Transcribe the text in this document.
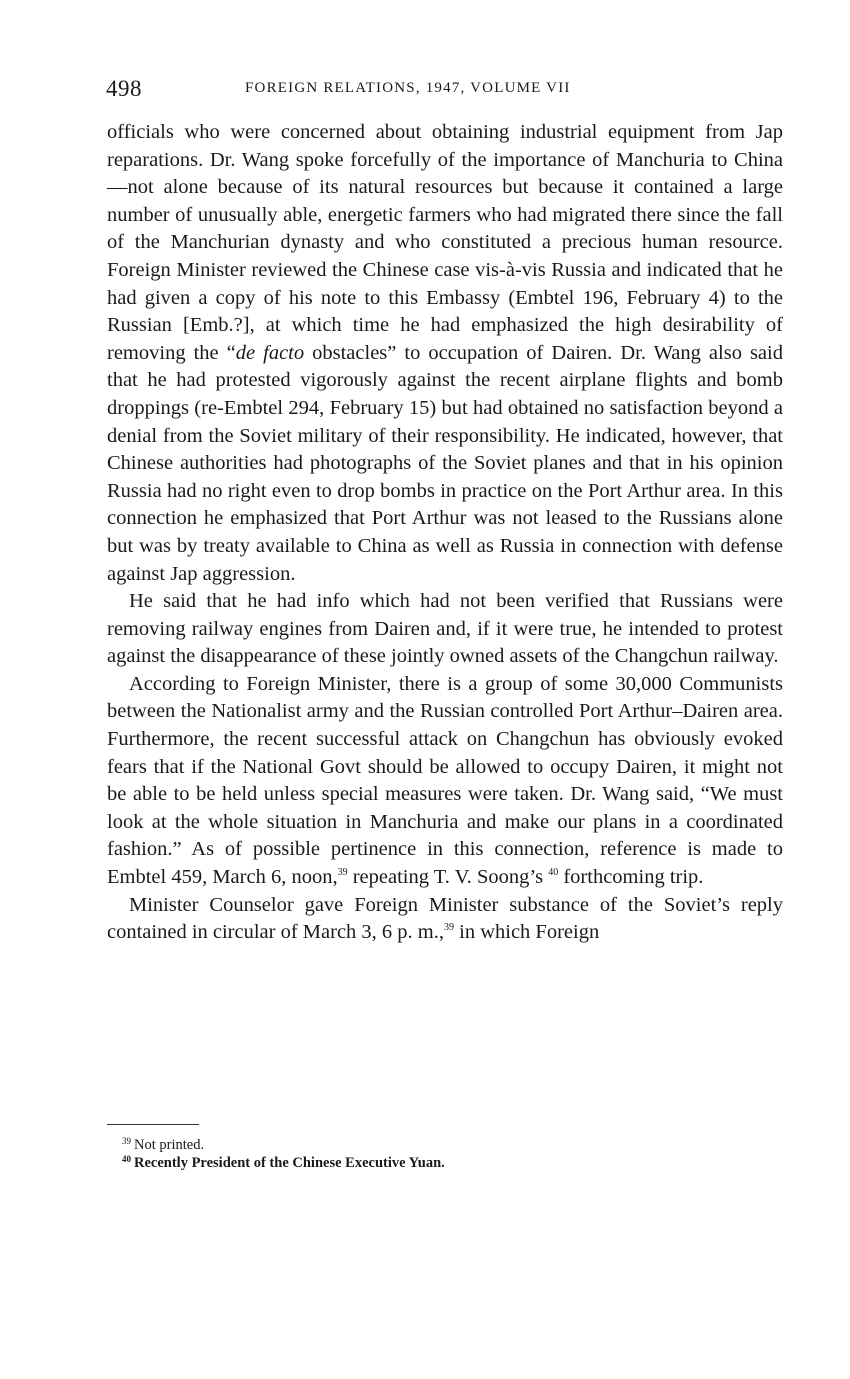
498	FOREIGN RELATIONS, 1947, VOLUME VII

officials who were concerned about obtaining industrial equipment from Jap reparations. Dr. Wang spoke forcefully of the importance of Manchuria to China—not alone because of its natural resources but because it contained a large number of unusually able, energetic farmers who had migrated there since the fall of the Manchurian dynasty and who constituted a precious human resource. Foreign Minister reviewed the Chinese case vis-à-vis Russia and indicated that he had given a copy of his note to this Embassy (Embtel 196, February 4) to the Russian [Emb.?], at which time he had emphasized the high desirability of removing the “de facto obstacles” to occupation of Dairen. Dr. Wang also said that he had protested vigorously against the recent airplane flights and bomb droppings (re-Embtel 294, February 15) but had obtained no satisfaction beyond a denial from the Soviet military of their responsibility. He indicated, however, that Chinese authorities had photographs of the Soviet planes and that in his opinion Russia had no right even to drop bombs in practice on the Port Arthur area. In this connection he emphasized that Port Arthur was not leased to the Russians alone but was by treaty available to China as well as Russia in connection with defense against Jap aggression.

He said that he had info which had not been verified that Russians were removing railway engines from Dairen and, if it were true, he intended to protest against the disappearance of these jointly owned assets of the Changchun railway.

According to Foreign Minister, there is a group of some 30,000 Communists between the Nationalist army and the Russian controlled Port Arthur–Dairen area. Furthermore, the recent successful attack on Changchun has obviously evoked fears that if the National Govt should be allowed to occupy Dairen, it might not be able to be held unless special measures were taken. Dr. Wang said, “We must look at the whole situation in Manchuria and make our plans in a coordinated fashion.” As of possible pertinence in this connection, reference is made to Embtel 459, March 6, noon,$^{39}$ repeating T. V. Soong’s $^{40}$ forthcoming trip.

Minister Counselor gave Foreign Minister substance of the Soviet’s reply contained in circular of March 3, 6 p. m.,$^{39}$ in which Foreign

$^{39}$ Not printed.
$^{40}$ Recently President of the Chinese Executive Yuan.
